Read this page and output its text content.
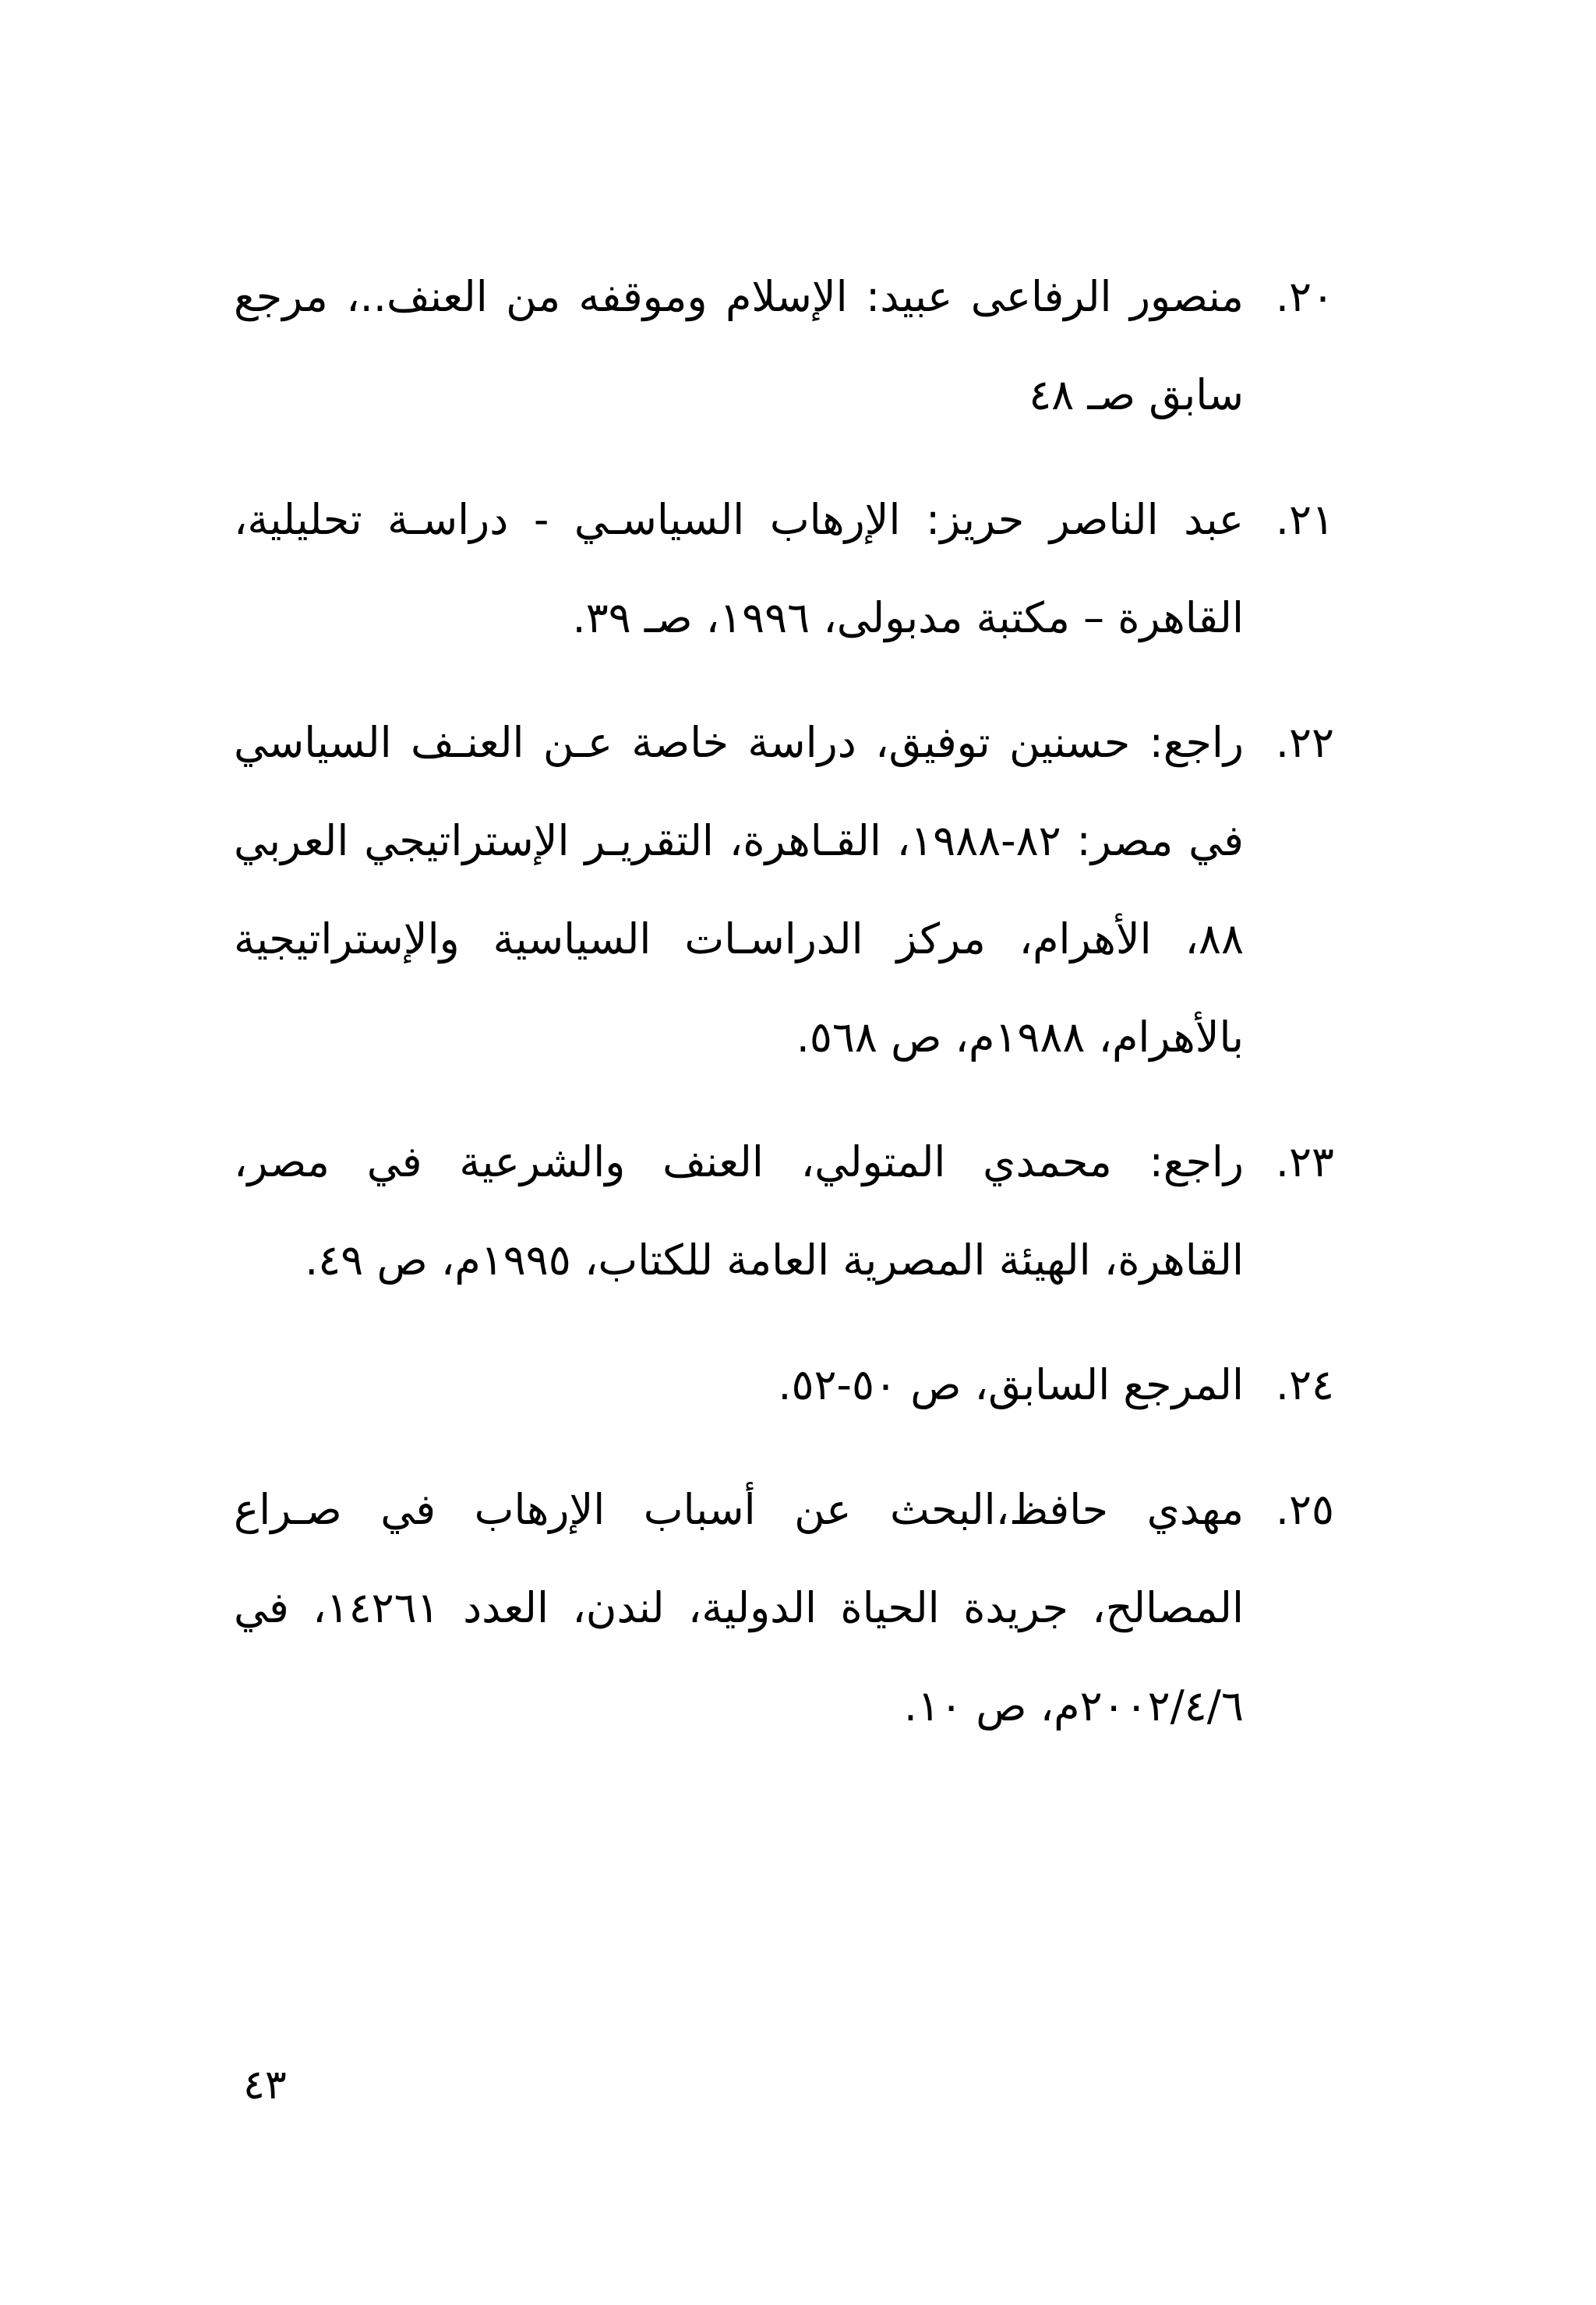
٢٠.
منصور الرفاعى عبيد: الإسلام وموقفه من العنف..، مرجع سابق صـ ٤٨
٢١.
عبد الناصر حريز: الإرهاب السياسـي - دراسـة تحليلية، القاهرة – مكتبة مدبولى، ١٩٩٦، صـ ٣٩.
٢٢.
راجع: حسنين توفيق، دراسة خاصة عـن العنـف السياسي في مصر: ٨٢-١٩٨٨، القـاهرة، التقريـر الإستراتيجي العربي ٨٨، الأهرام، مركز الدراسـات السياسية والإستراتيجية بالأهرام، ١٩٨٨م، ص ٥٦٨.
٢٣.
راجع: محمدي المتولي، العنف والشرعية في مصر، القاهرة، الهيئة المصرية العامة للكتاب، ١٩٩٥م، ص ٤٩.
٢٤.
المرجع السابق، ص ٥٠-٥٢.
٢٥.
مهدي حافظ،البحث عن أسباب الإرهاب في صـراع المصالح، جريدة الحياة الدولية، لندن، العدد ١٤٢٦١، في ٢٠٠٢/٤/٦م، ص ١٠.
٤٣
